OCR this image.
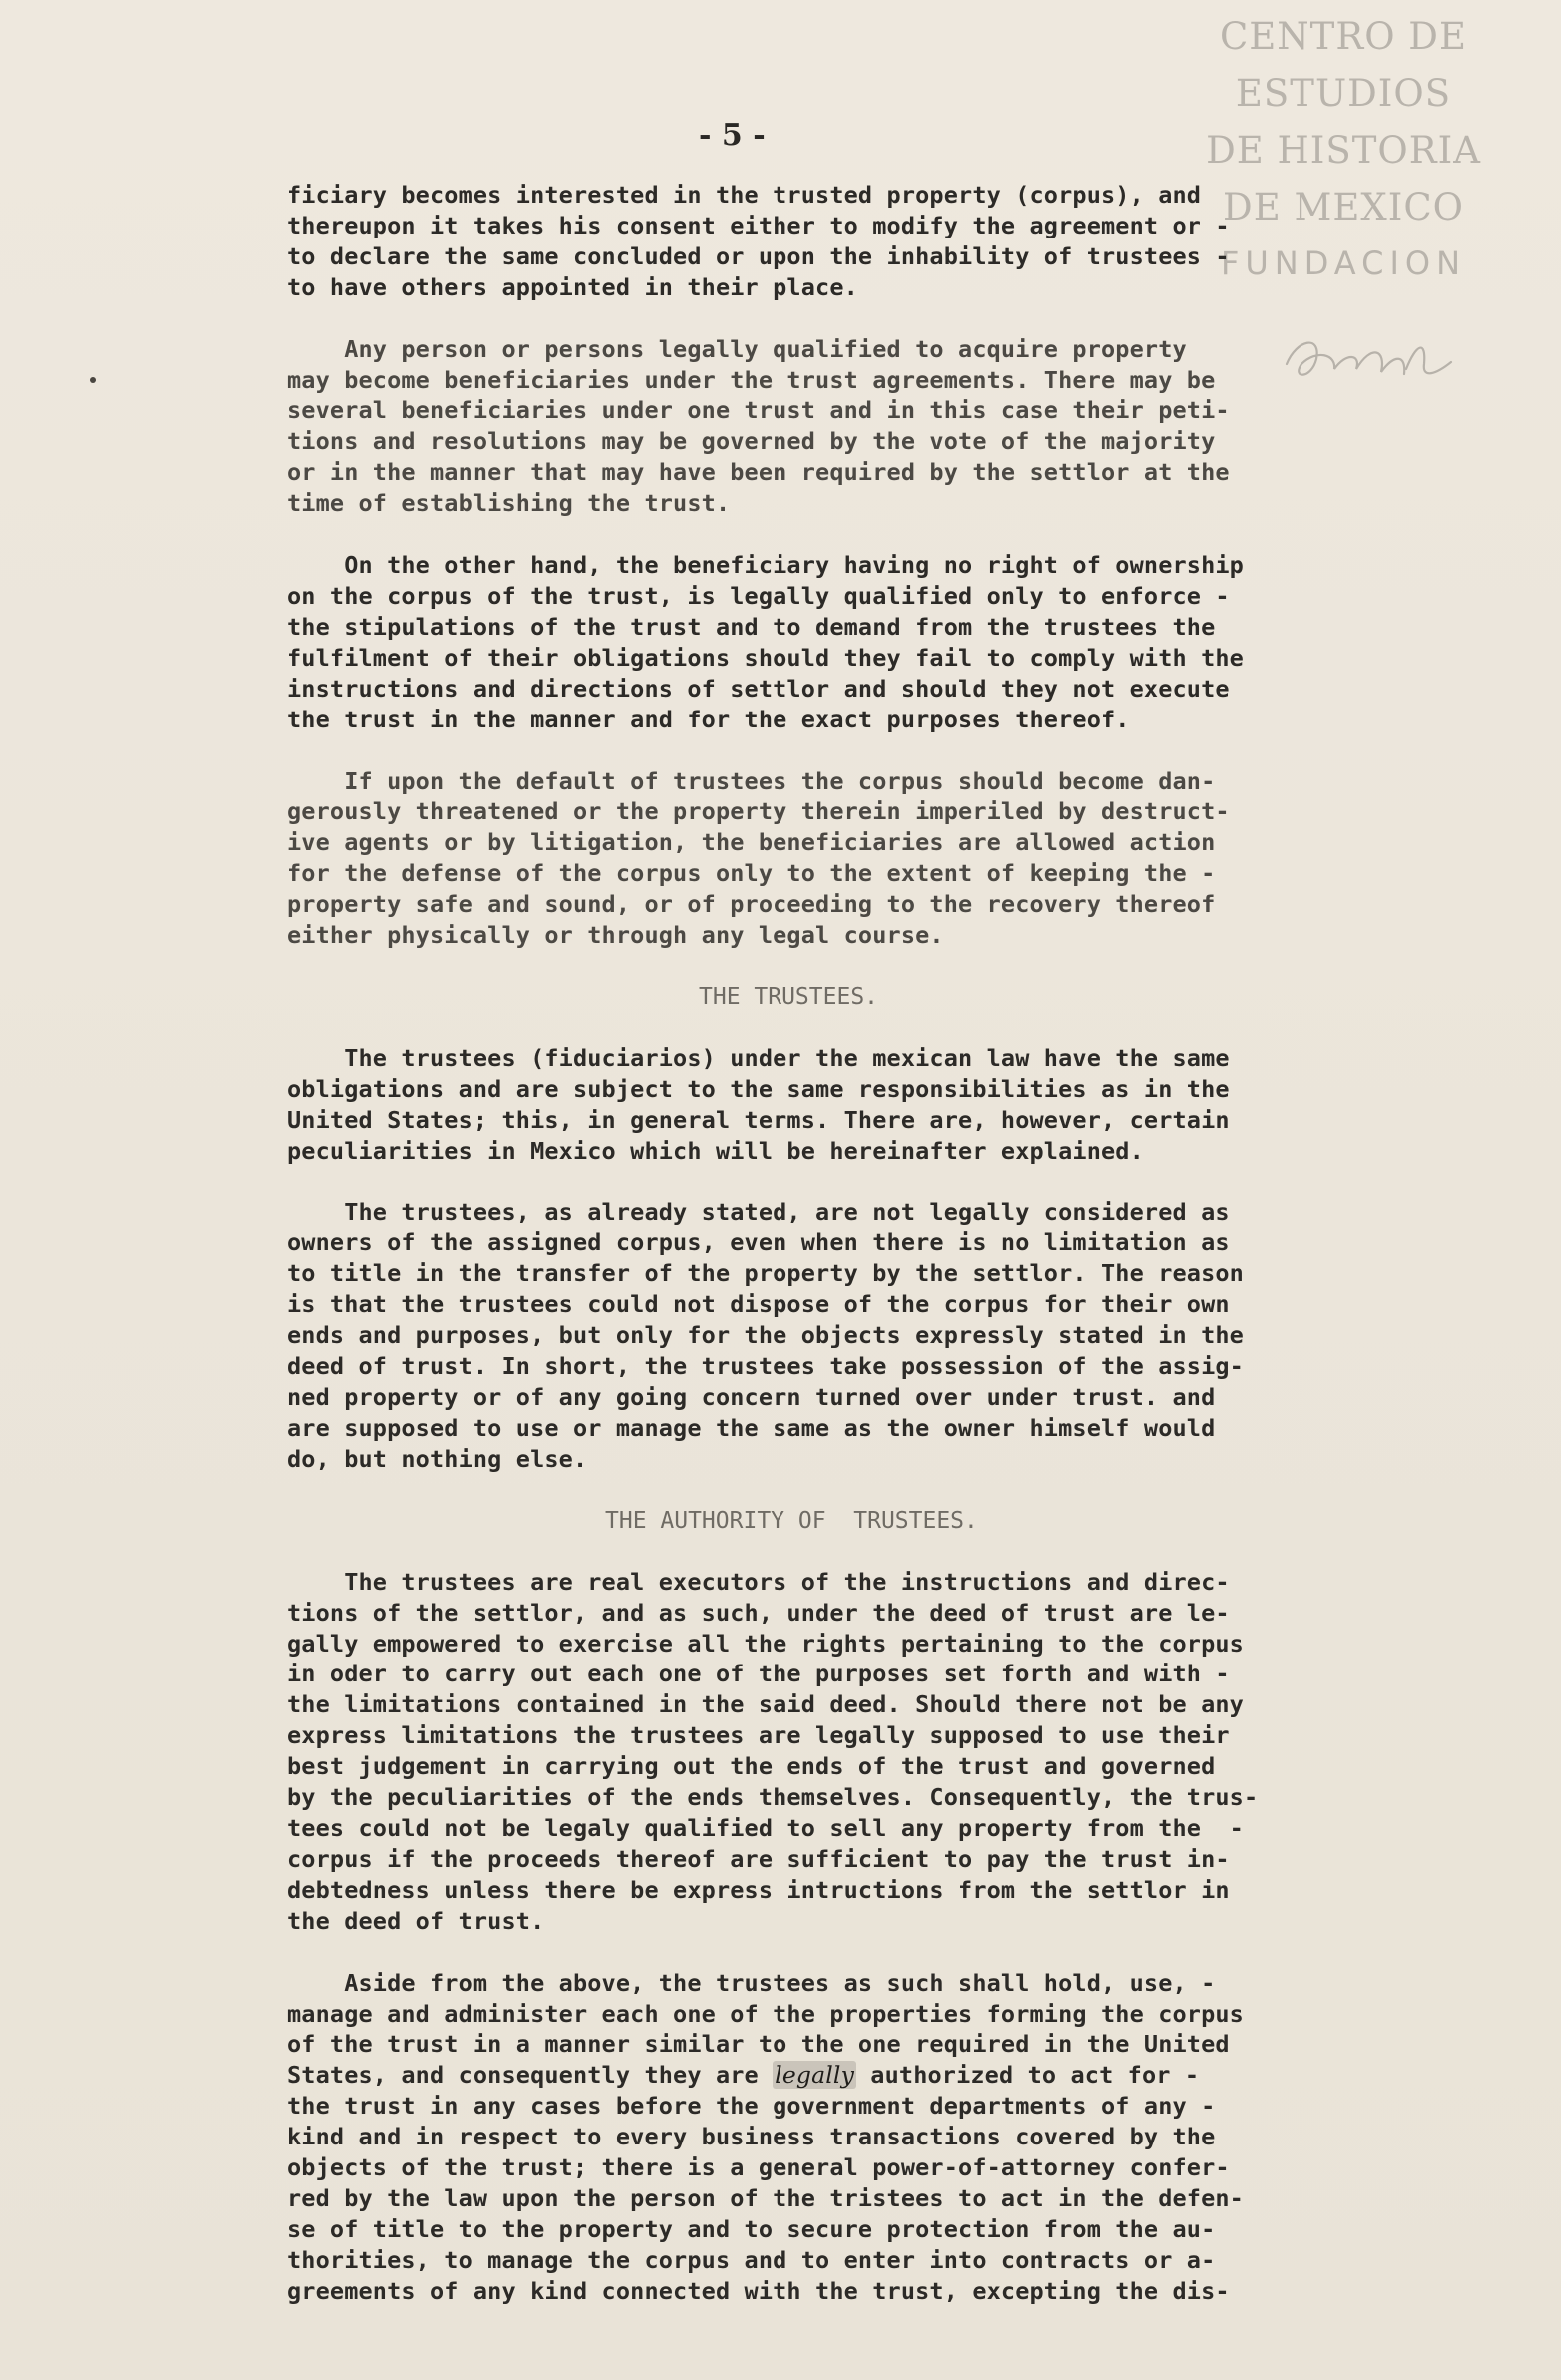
CENTRO DE
ESTUDIOS
DE HISTORIA
DE MEXICO
FUNDACION
- 5 -
ficiary becomes interested in the trusted property (corpus), and
thereupon it takes his consent either to modify the agreement or -
to declare the same concluded or upon the inhability of trustees -
to have others appointed in their place.
Any person or persons legally qualified to acquire property
may become beneficiaries under the trust agreements. There may be
several beneficiaries under one trust and in this case their peti-
tions and resolutions may be governed by the vote of the majority
or in the manner that may have been required by the settlor at the
time of establishing the trust.
On the other hand, the beneficiary having no right of ownership
on the corpus of the trust, is legally qualified only to enforce -
the stipulations of the trust and to demand from the trustees the
fulfilment of their obligations should they fail to comply with the
instructions and directions of settlor and should they not execute
the trust in the manner and for the exact purposes thereof.
If upon the default of trustees the corpus should become dan-
gerously threatened or the property therein imperiled by destruct-
ive agents or by litigation, the beneficiaries are allowed action
for the defense of the corpus only to the extent of keeping the -
property safe and sound, or of proceeding to the recovery thereof
either physically or through any legal course.
THE TRUSTEES.
The trustees (fiduciarios) under the mexican law have the same
obligations and are subject to the same responsibilities as in the
United States; this, in general terms. There are, however, certain
peculiarities in Mexico which will be hereinafter explained.
The trustees, as already stated, are not legally considered as
owners of the assigned corpus, even when there is no limitation as
to title in the transfer of the property by the settlor. The reason
is that the trustees could not dispose of the corpus for their own
ends and purposes, but only for the objects expressly stated in the
deed of trust. In short, the trustees take possession of the assig-
ned property or of any going concern turned over under trust. and
are supposed to use or manage the same as the owner himself would
do, but nothing else.
THE AUTHORITY OF  TRUSTEES.
The trustees are real executors of the instructions and direc-
tions of the settlor, and as such, under the deed of trust are le-
gally empowered to exercise all the rights pertaining to the corpus
in oder to carry out each one of the purposes set forth and with -
the limitations contained in the said deed. Should there not be any
express limitations the trustees are legally supposed to use their
best judgement in carrying out the ends of the trust and governed
by the peculiarities of the ends themselves. Consequently, the trus-
tees could not be legaly qualified to sell any property from the  -
corpus if the proceeds thereof are sufficient to pay the trust in-
debtedness unless there be express intructions from the settlor in
the deed of trust.
Aside from the above, the trustees as such shall hold, use, -
manage and administer each one of the properties forming the corpus
of the trust in a manner similar to the one required in the United
States, and consequently they are legally authorized to act for -
the trust in any cases before the government departments of any -
kind and in respect to every business transactions covered by the
objects of the trust; there is a general power-of-attorney confer-
red by the law upon the person of the tristees to act in the defen-
se of title to the property and to secure protection from the au-
thorities, to manage the corpus and to enter into contracts or a-
greements of any kind connected with the trust, excepting the dis-
